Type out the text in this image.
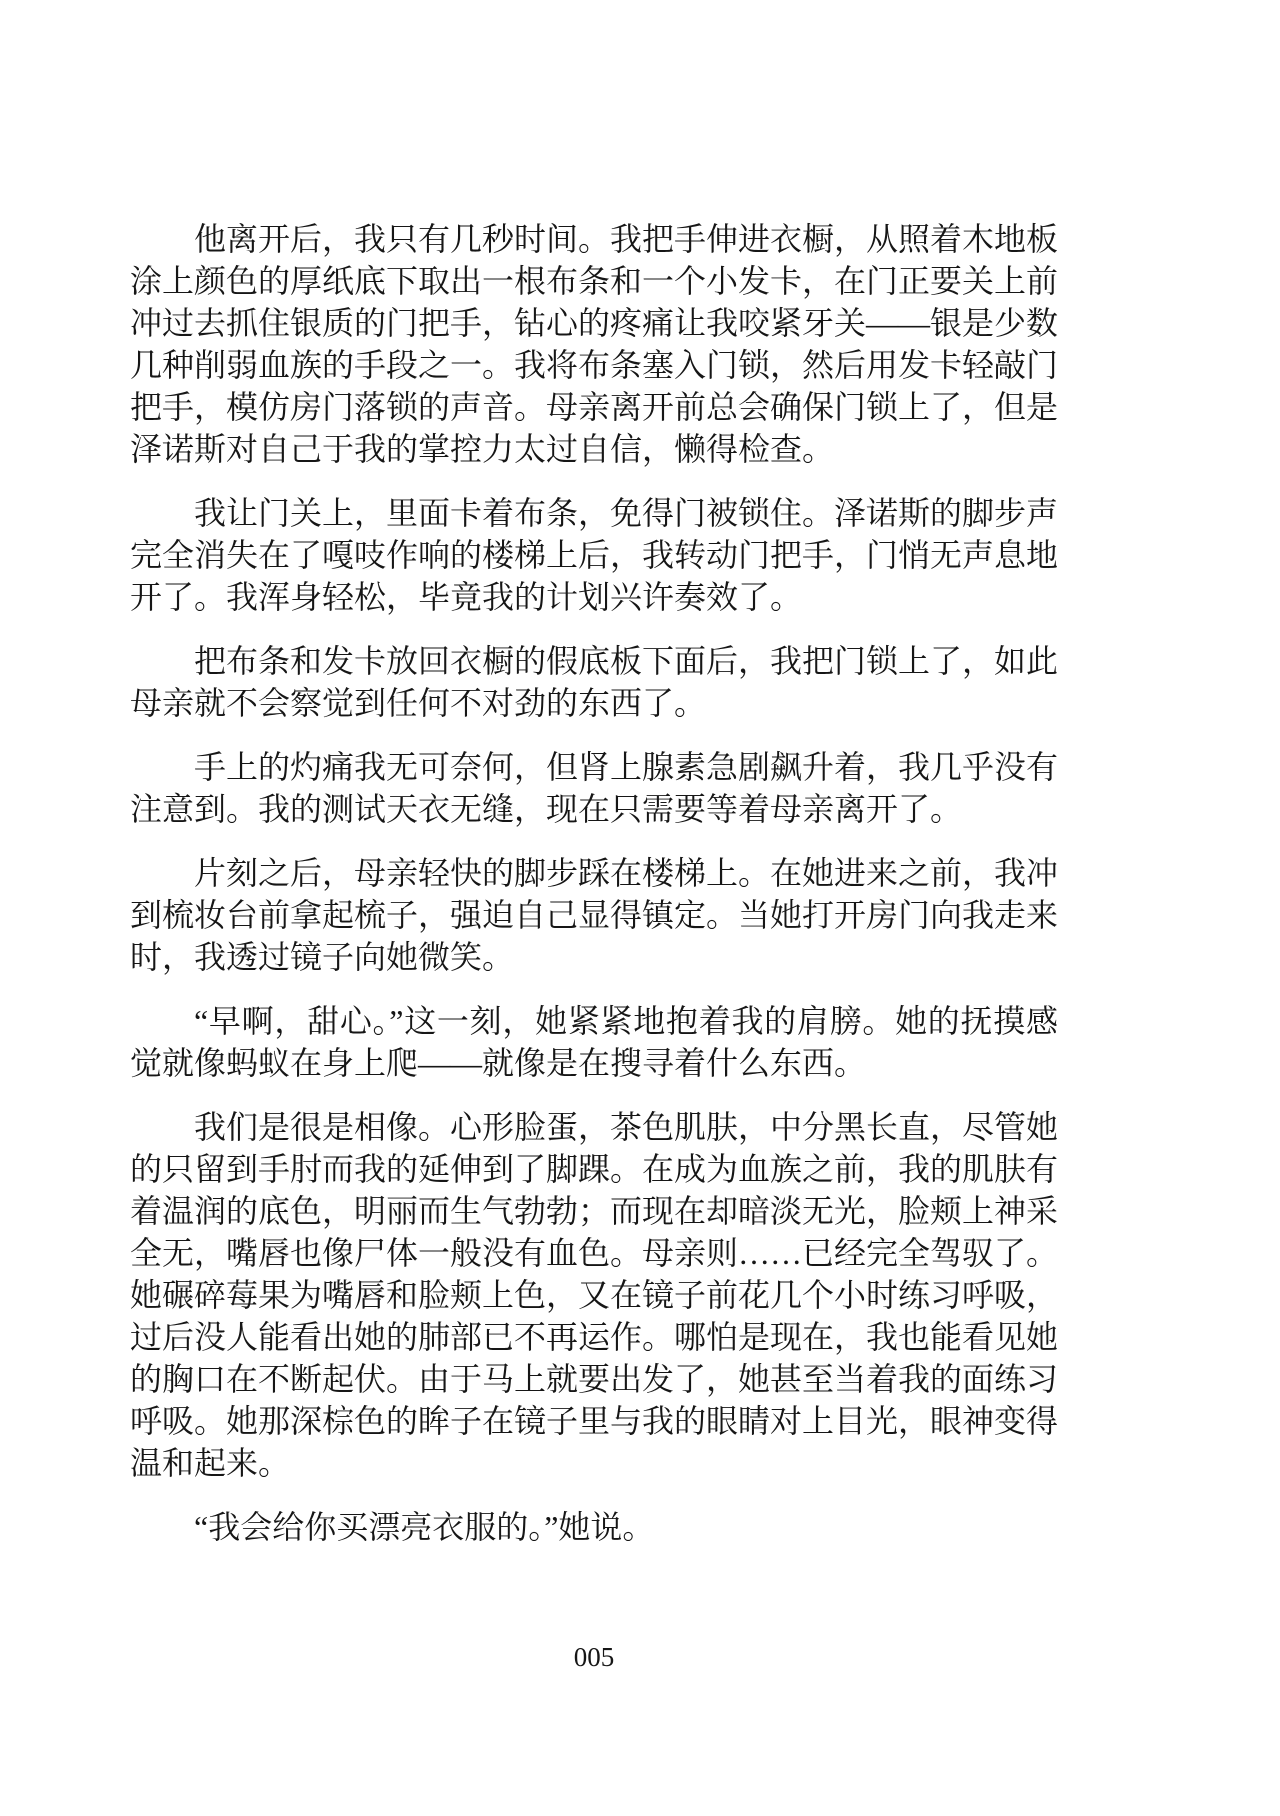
他离开后，我只有几秒时间。我把手伸进衣橱，从照着木地板涂上颜色的厚纸底下取出一根布条和一个小发卡，在门正要关上前冲过去抓住银质的门把手，钻心的疼痛让我咬紧牙关——银是少数几种削弱血族的手段之一。我将布条塞入门锁，然后用发卡轻敲门把手，模仿房门落锁的声音。母亲离开前总会确保门锁上了，但是泽诺斯对自己于我的掌控力太过自信，懒得检查。

我让门关上，里面卡着布条，免得门被锁住。泽诺斯的脚步声完全消失在了嘎吱作响的楼梯上后，我转动门把手，门悄无声息地开了。我浑身轻松，毕竟我的计划兴许奏效了。

把布条和发卡放回衣橱的假底板下面后，我把门锁上了，如此母亲就不会察觉到任何不对劲的东西了。

手上的灼痛我无可奈何，但肾上腺素急剧飙升着，我几乎没有注意到。我的测试天衣无缝，现在只需要等着母亲离开了。

片刻之后，母亲轻快的脚步踩在楼梯上。在她进来之前，我冲到梳妆台前拿起梳子，强迫自己显得镇定。当她打开房门向我走来时，我透过镜子向她微笑。

“早啊，甜心。”这一刻，她紧紧地抱着我的肩膀。她的抚摸感觉就像蚂蚁在身上爬——就像是在搜寻着什么东西。

我们是很是相像。心形脸蛋，茶色肌肤，中分黑长直，尽管她的只留到手肘而我的延伸到了脚踝。在成为血族之前，我的肌肤有着温润的底色，明丽而生气勃勃；而现在却暗淡无光，脸颊上神采全无，嘴唇也像尸体一般没有血色。母亲则……已经完全驾驭了。她碾碎莓果为嘴唇和脸颊上色，又在镜子前花几个小时练习呼吸，过后没人能看出她的肺部已不再运作。哪怕是现在，我也能看见她的胸口在不断起伏。由于马上就要出发了，她甚至当着我的面练习呼吸。她那深棕色的眸子在镜子里与我的眼睛对上目光，眼神变得温和起来。

“我会给你买漂亮衣服的。”她说。

005
